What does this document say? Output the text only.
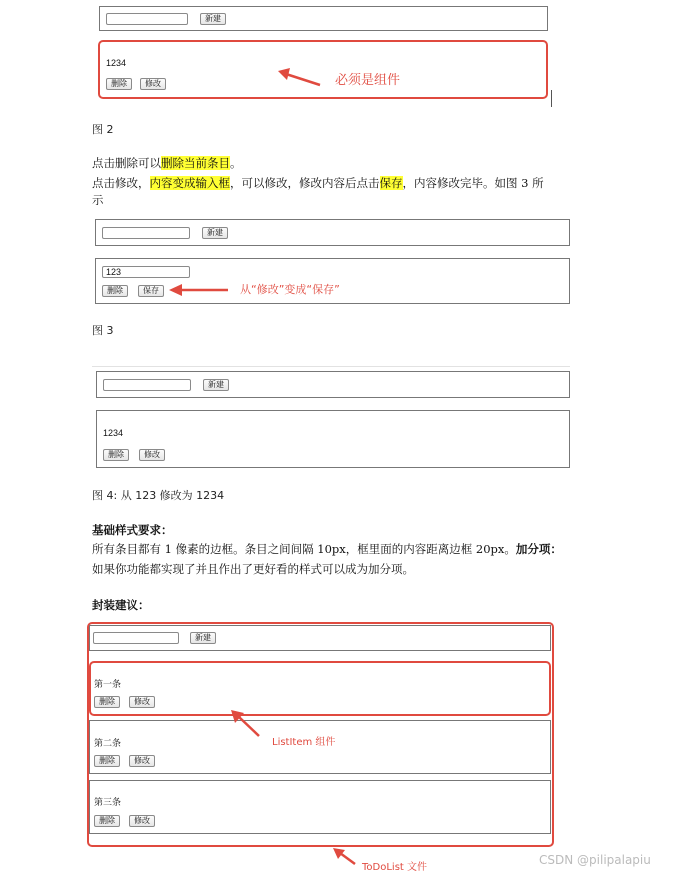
新建
1234
删除	修改	必须是组件
图 2
点击删除可以删除当前条目。
点击修改，内容变成输入框，可以修改，修改内容后点击保存，内容修改完毕。如图 3 所
示
新建
123
删除	保存	从“修改”变成“保存”
图 3
新建
1234
删除	修改
图 4: 从 123 修改为 1234
基础样式要求：
所有条目都有 1 像素的边框。条目之间间隔 10px，框里面的内容距离边框 20px。加分项：
如果你功能都实现了并且作出了更好看的样式可以成为加分项。
封装建议：
新建
第一条
删除	修改
第二条
删除	修改
第三条
删除	修改
ListItem 组件
ToDoList 文件
CSDN @pilipalapiu
